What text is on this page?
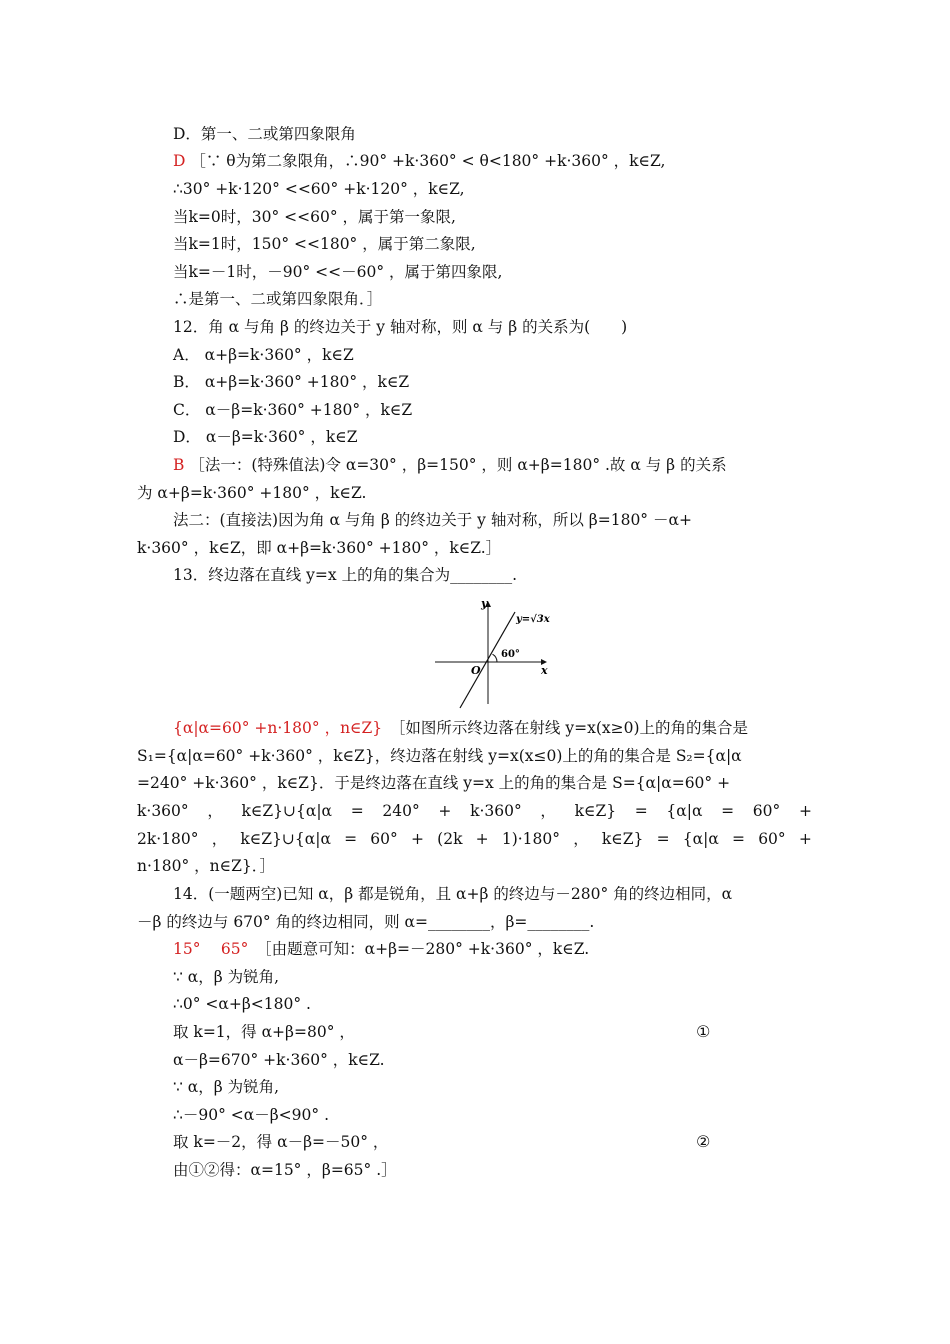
D．第一、二或第四象限角
D ［∵ θ为第二象限角，∴90° +k·360° < θ<180° +k·360° ，k∈Z,
∴30° +k·120° <<60° +k·120° ，k∈Z,
当k=0时，30° <<60° ，属于第一象限,
当k=1时，150° <<180° ，属于第二象限,
当k=－1时，－90° <<－60° ，属于第四象限,
∴是第一、二或第四象限角．］
12．角 α 与角 β 的终边关于 y 轴对称，则 α 与 β 的关系为(　　)
A． α+β=k·360° ，k∈Z
B． α+β=k·360° +180° ，k∈Z
C． α－β=k·360° +180° ，k∈Z
D． α－β=k·360° ，k∈Z
B ［法一：(特殊值法)令 α=30° ，β=150° ，则 α+β=180° .故 α 与 β 的关系
为 α+β=k·360° +180° ，k∈Z.
法二：(直接法)因为角 α 与角 β 的终边关于 y 轴对称，所以 β=180° －α+
k·360° ，k∈Z，即 α+β=k·360° +180° ，k∈Z.］
13．终边落在直线 y=x 上的角的集合为________.
y
x
O
y=√3x
60°
{α|α=60° +n·180° ，n∈Z}　 ［如图所示终边落在射线 y=x(x≥0)上的角的集合是
S₁={α|α=60° +k·360° ，k∈Z}，终边落在射线 y=x(x≤0)上的角的集合是 S₂={α|α
=240° +k·360° ，k∈Z}．于是终边落在直线 y=x 上的角的集合是 S={α|α=60° +
k·360° ， k∈Z}∪{α|α = 240° + k·360° ， k∈Z} = {α|α = 60° +
2k·180° ， k∈Z}∪{α|α = 60° + (2k + 1)·180° ， k∈Z} = {α|α = 60° +
n·180° ，n∈Z}．］
14．(一题两空)已知 α，β 都是锐角，且 α+β 的终边与－280° 角的终边相同，α
－β 的终边与 670° 角的终边相同，则 α=________，β=________.
15°　 65°　 ［由题意可知：α+β=－280° +k·360° ，k∈Z.
∵ α，β 为锐角,
∴0° <α+β<180° .
取 k=1，得 α+β=80° ，	①
α－β=670° +k·360° ，k∈Z.
∵ α，β 为锐角,
∴－90° <α－β<90° .
取 k=－2，得 α－β=－50° ，	②
由①②得：α=15° ，β=65° .］
